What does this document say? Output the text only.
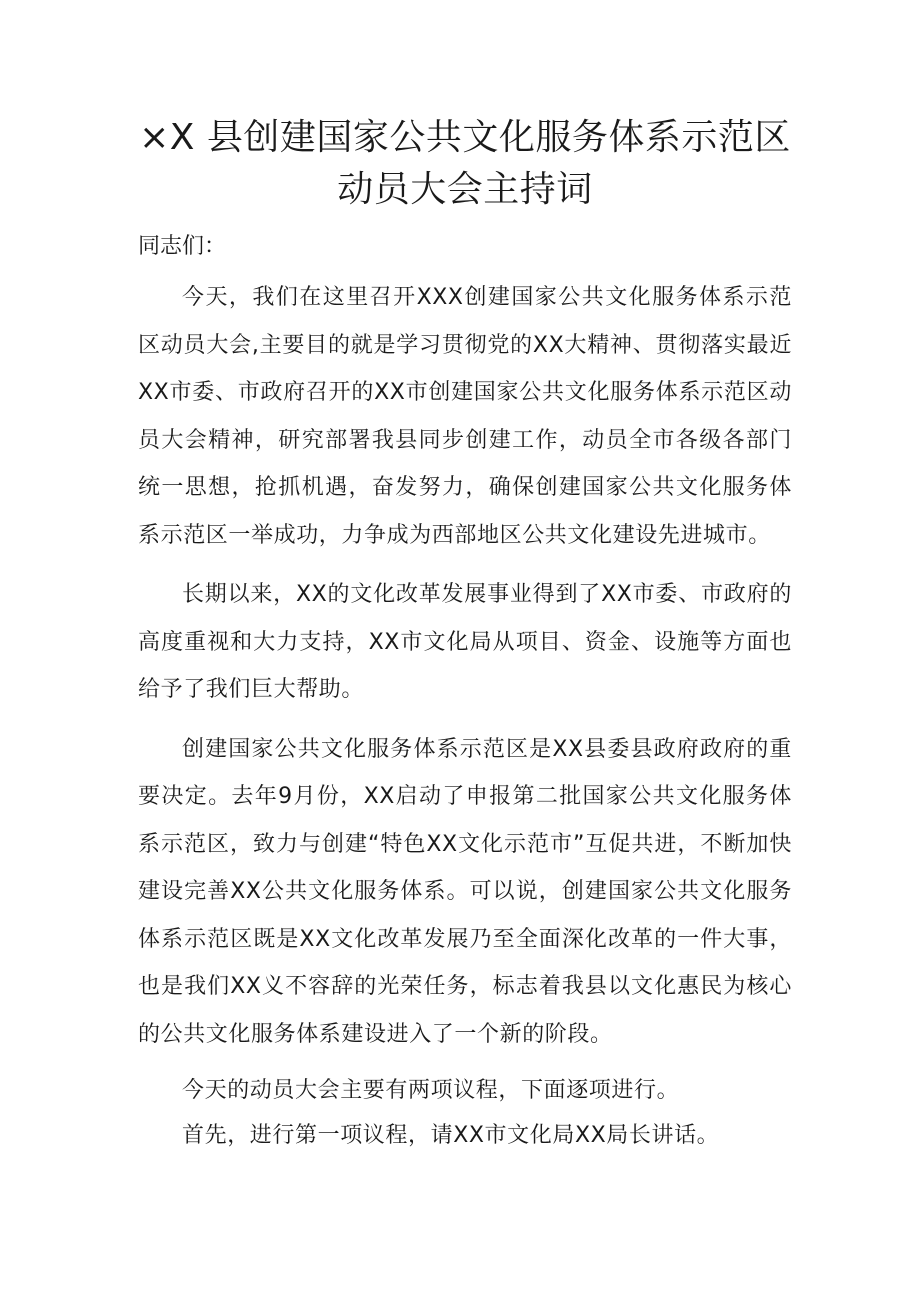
×X 县创建国家公共文化服务体系示范区
动员大会主持词
同志们：

今天，我们在这里召开XXX创建国家公共文化服务体系示范区动员大会,主要目的就是学习贯彻党的XX大精神、贯彻落实最近XX市委、市政府召开的XX市创建国家公共文化服务体系示范区动员大会精神，研究部署我县同步创建工作，动员全市各级各部门统一思想，抢抓机遇，奋发努力，确保创建国家公共文化服务体系示范区一举成功，力争成为西部地区公共文化建设先进城市。

长期以来，XX的文化改革发展事业得到了XX市委、市政府的高度重视和大力支持，XX市文化局从项目、资金、设施等方面也给予了我们巨大帮助。

创建国家公共文化服务体系示范区是XX县委县政府政府的重要决定。去年9月份，XX启动了申报第二批国家公共文化服务体系示范区，致力与创建“特色XX文化示范市”互促共进，不断加快建设完善XX公共文化服务体系。可以说，创建国家公共文化服务体系示范区既是XX文化改革发展乃至全面深化改革的一件大事，也是我们XX义不容辞的光荣任务，标志着我县以文化惠民为核心的公共文化服务体系建设进入了一个新的阶段。

今天的动员大会主要有两项议程，下面逐项进行。

首先，进行第一项议程，请XX市文化局XX局长讲话。
